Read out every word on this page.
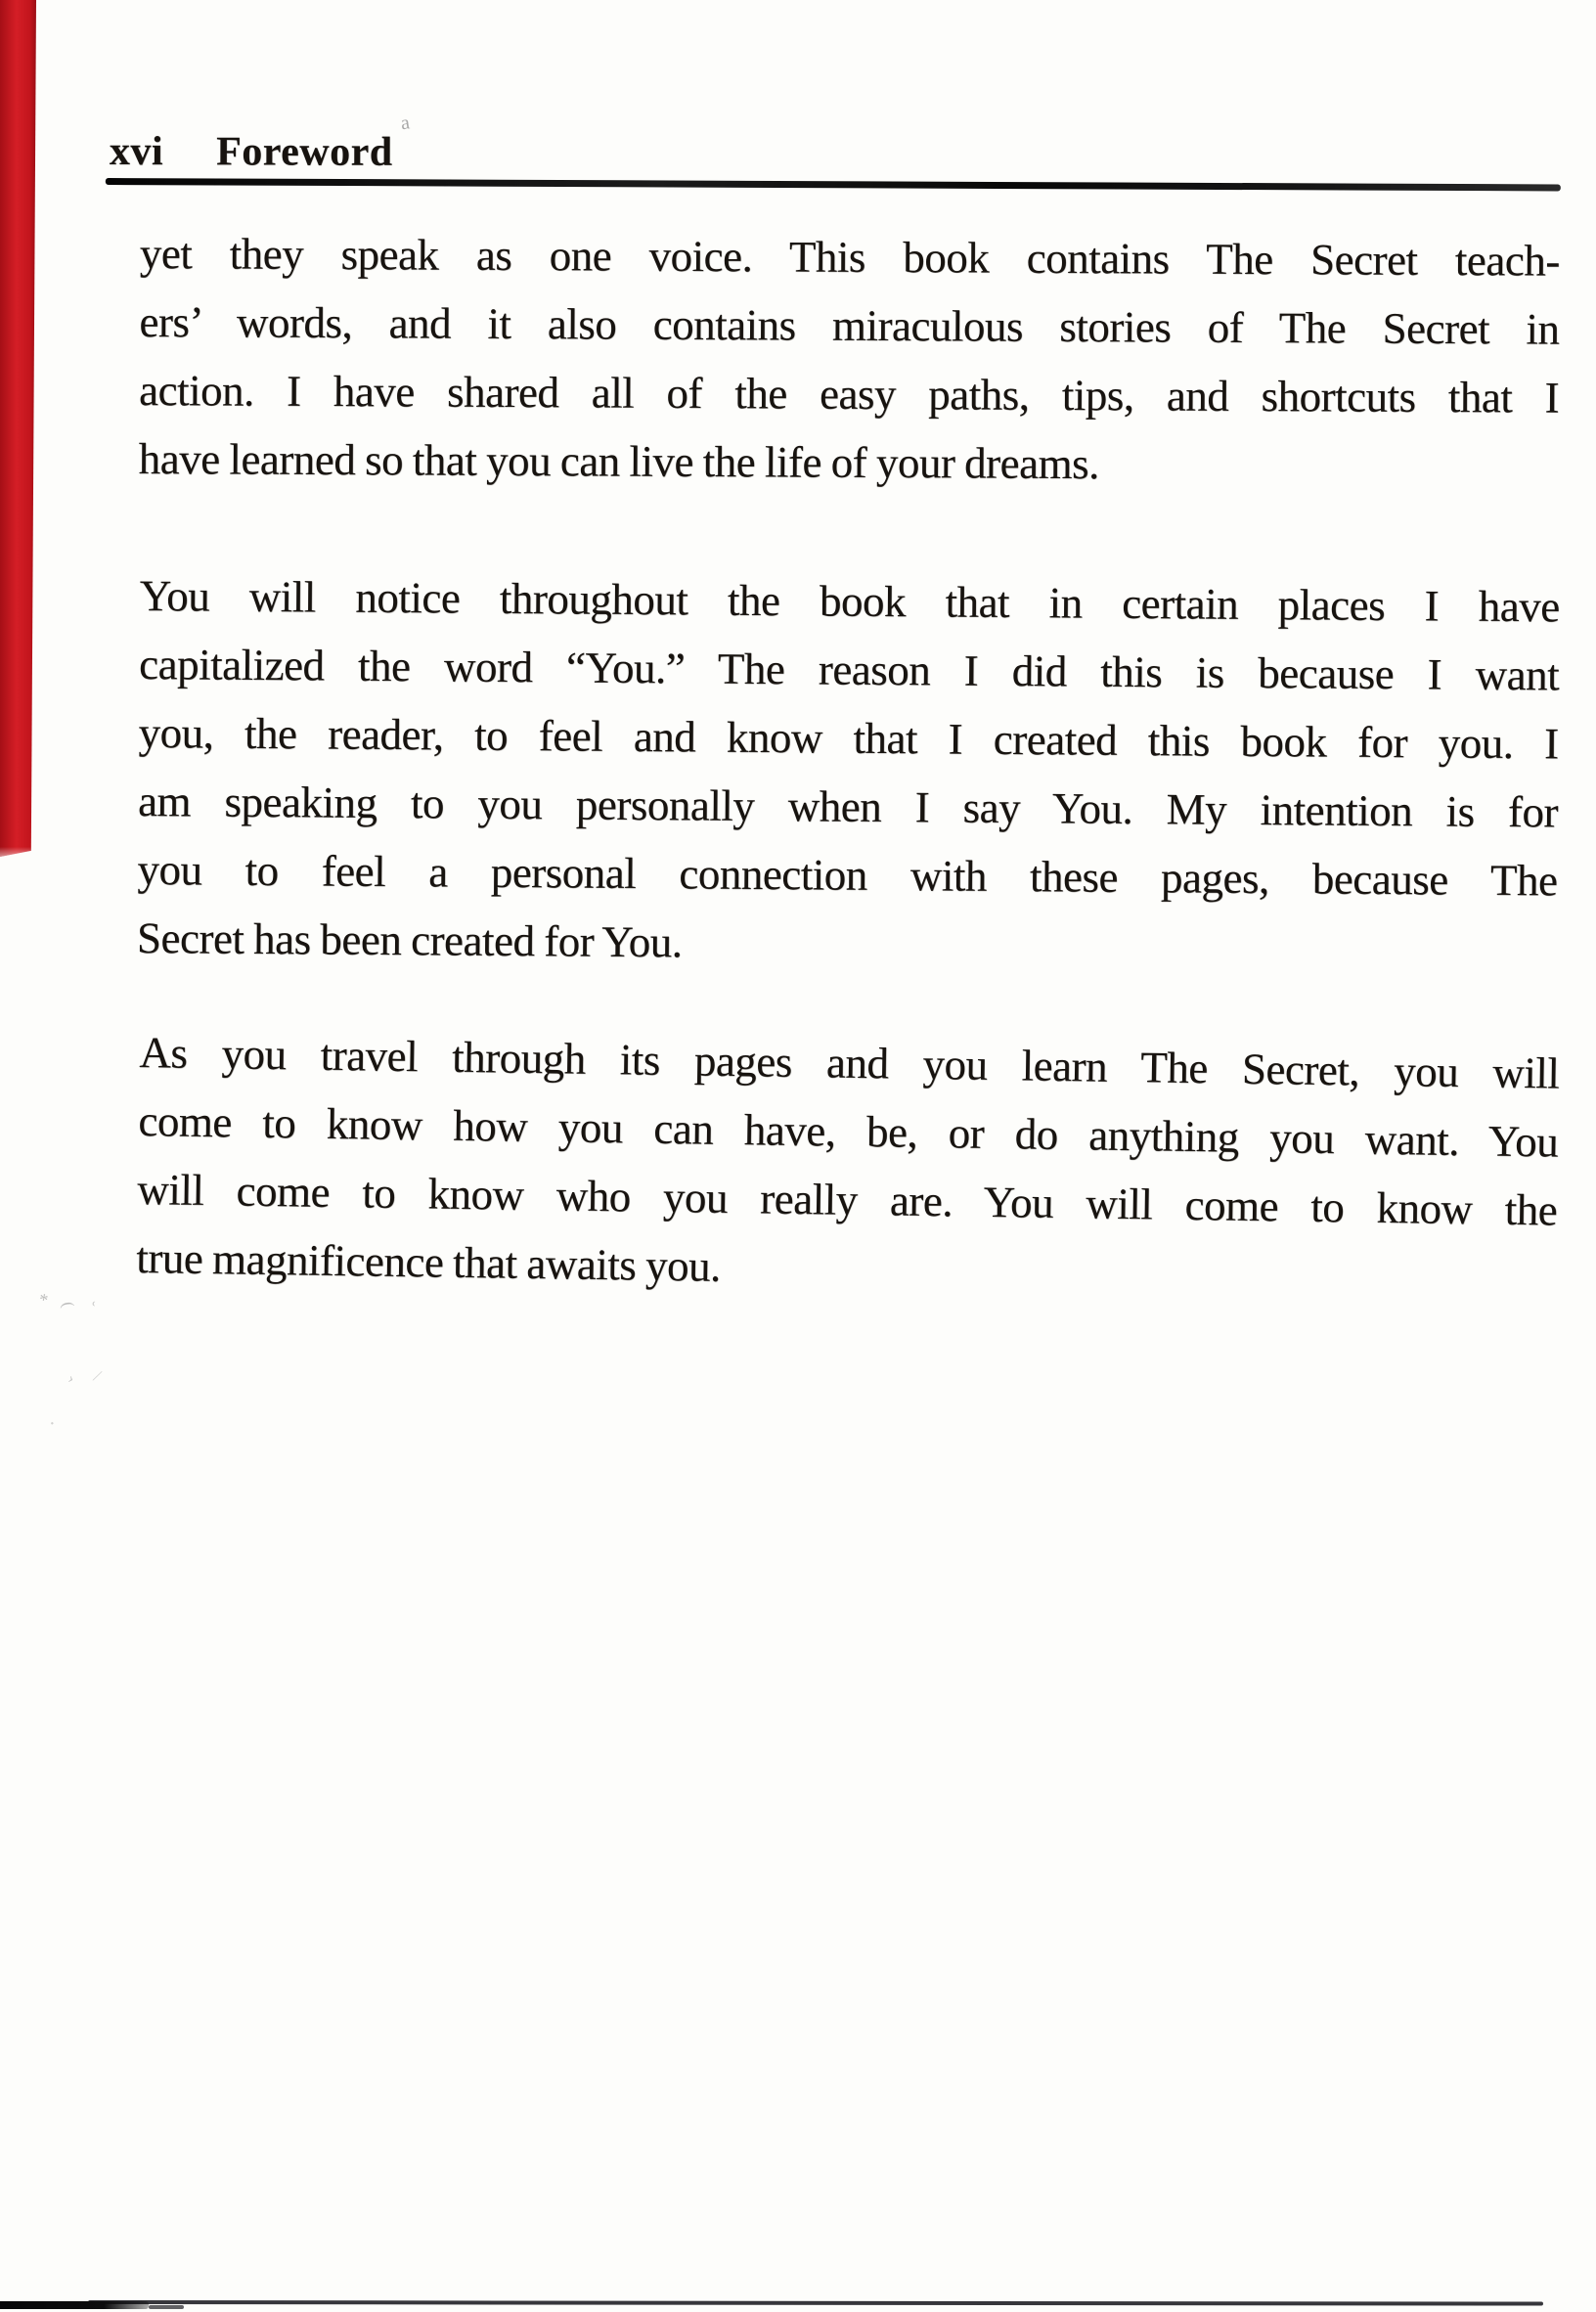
xvi Foreword
a
yet they speak as one voice. This book contains The Secret teach-
ers’ words, and it also contains miraculous stories of The Secret in
action. I have shared all of the easy paths, tips, and shortcuts that I
have learned so that you can live the life of your dreams.
You will notice throughout the book that in certain places I have
capitalized the word “You.” The reason I did this is because I want
you, the reader, to feel and know that I created this book for you. I
am speaking to you personally when I say You. My intention is for
you to feel a personal connection with these pages, because The
Secret has been created for You.
As you travel through its pages and you learn The Secret, you will
come to know how you can have, be, or do anything you want. You
will come to know who you really are. You will come to know the
true magnificence that awaits you.
* ( ˘
› ⁄
·
